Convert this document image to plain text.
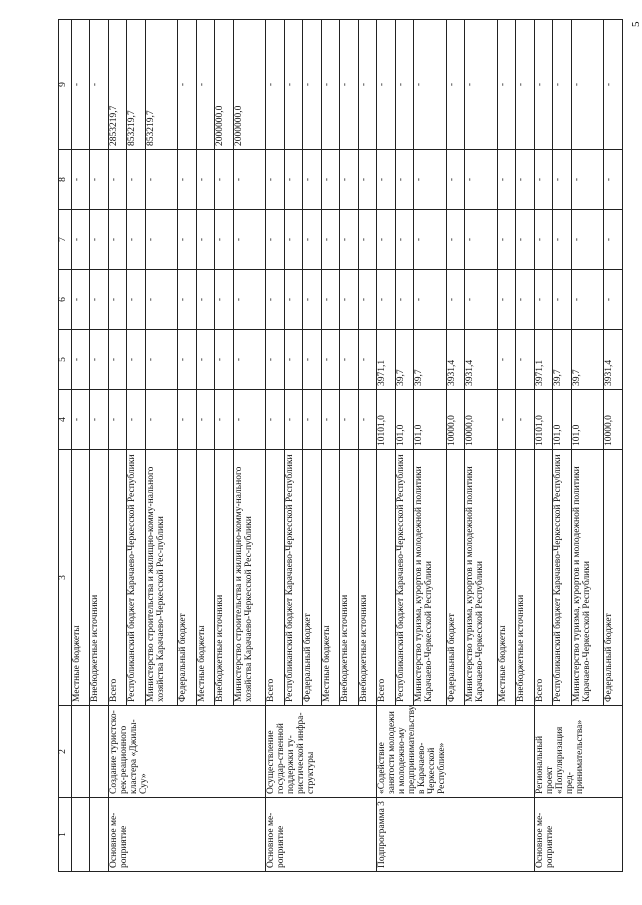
5
1	2	3	4	5	6	7	8	9
		Местные бюджеты	-	-	-	-	-	-
		Внебюджетные источники	-	-	-	-	-	-
Основное ме-роприятие	Создание туристско-рек-реационного кластера «Джилы-Суу»	Всего	-	-	-	-	-	2853219,7
		Республиканский бюджет Карачаево-Черкесской Республики	-	-	-	-	-	853219,7
		Министерство строительства и жилищно-комму-нального хозяйства Карачаево-Черкесской Рес-публики	-	-	-	-	-	853219,7
		Федеральный бюджет	-	-	-	-	-	-
		Местные бюджеты	-	-	-	-	-	-
		Внебюджетные источники	-	-	-	-	-	2000000,0
		Министерство строительства и жилищно-комму-нального хозяйства Карачаево-Черкесской Рес-публики	-	-	-	-	-	2000000,0
Основное ме-роприятие	Осуществление государ-ственной поддержки ту-ристической инфра-структуры	Всего	-	-	-	-	-	-
		Республиканский бюджет Карачаево-Черкесской Республики	-	-	-	-	-	-
		Федеральный бюджет	-	-	-	-	-	-
		Местные бюджеты	-	-	-	-	-	-
		Внебюджетные источники	-	-	-	-	-	-
		Внебюджетные источники	-	-	-	-	-	-
Подпрограмма 3	«Содействие занятости молодежи и молодежно-му предпринимательству в Карачаево-Черкесской Республике»	Всего	10101,0	3971,1	-	-	-	-
		Республиканский бюджет Карачаево-Черкесской Республики	101,0	39,7	-	-	-	-
		Министерство туризма, курортов и молодежной политики Карачаево-Черкесской Республики	101,0	39,7	-	-	-	-
		Федеральный бюджет	10000,0	3931,4	-	-	-	-
		Министерство туризма, курортов и молодежной политики Карачаево-Черкесской Республики	10000,0	3931,4	-	-	-	-
		Местные бюджеты	-	-	-	-	-	-
		Внебюджетные источники	-	-	-	-	-	-
Основное ме-роприятие	Региональный проект «Популяризация пред-принимательства»	Всего	10101,0	3971,1	-	-	-	-
		Республиканский бюджет Карачаево-Черкесской Республики	101,0	39,7	-	-	-	-
		Министерство туризма, курортов и молодежной политики Карачаево-Черкесской Республики	101,0	39,7	-	-	-	-
		Федеральный бюджет	10000,0	3931,4	-	-	-	-
